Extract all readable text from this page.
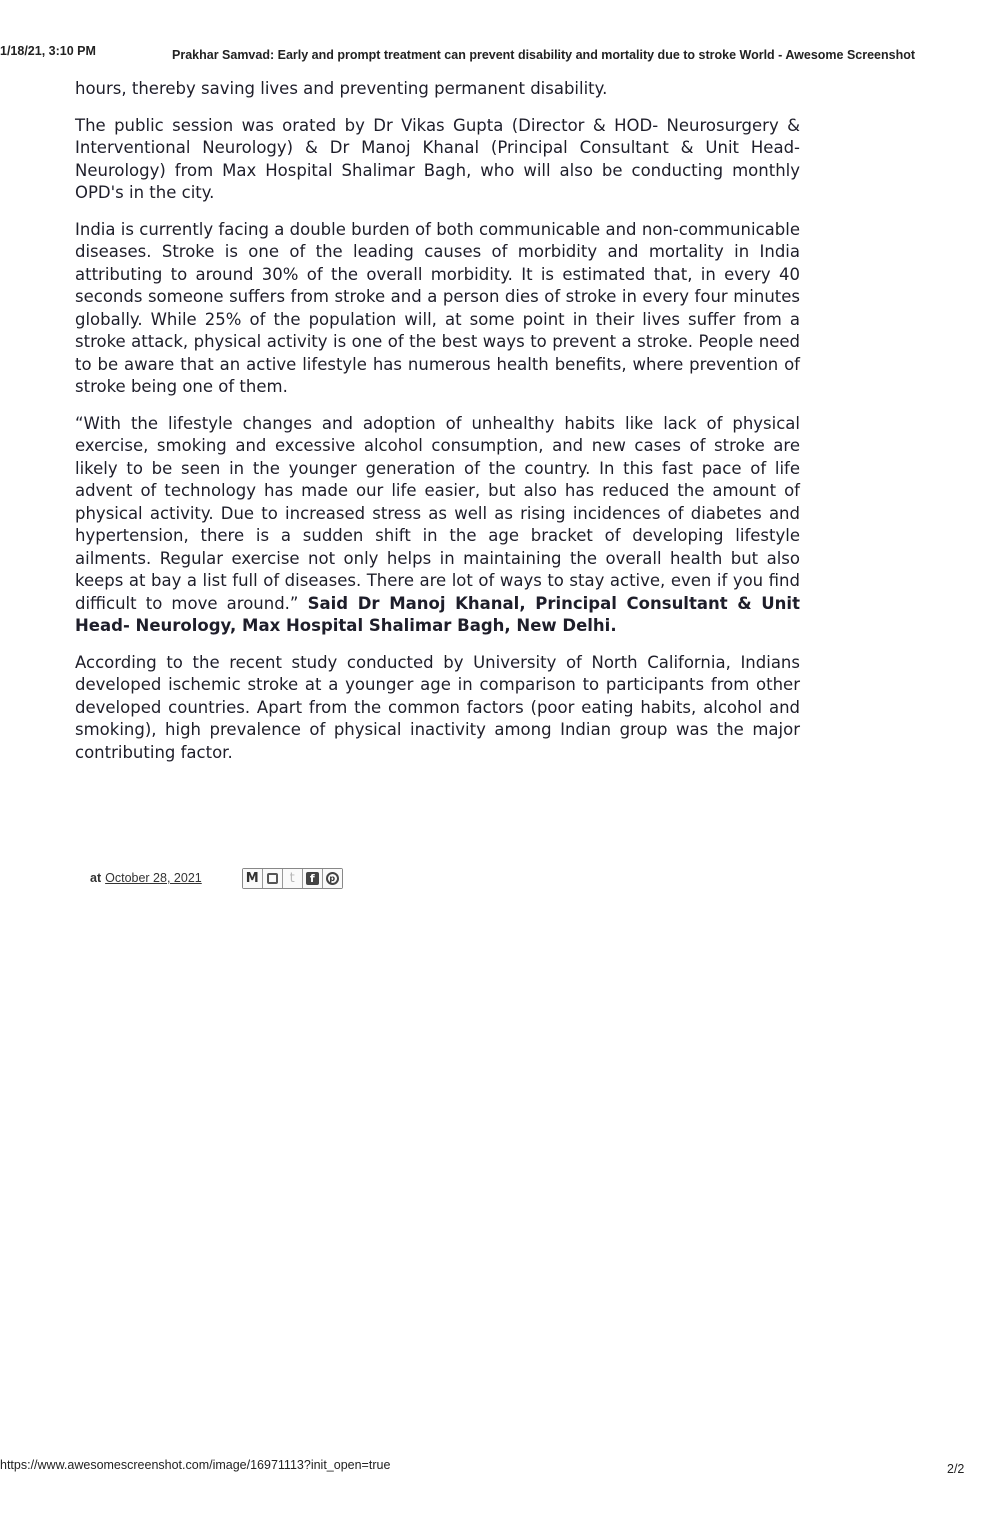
1/18/21, 3:10 PM	Prakhar Samvad: Early and prompt treatment can prevent disability and mortality due to stroke World - Awesome Screenshot

hours, thereby saving lives and preventing permanent disability.

The public session was orated by Dr Vikas Gupta (Director & HOD- Neurosurgery & Interventional Neurology) & Dr Manoj Khanal (Principal Consultant & Unit Head- Neurology) from Max Hospital Shalimar Bagh, who will also be conducting monthly OPD's in the city.

India is currently facing a double burden of both communicable and non-communicable diseases. Stroke is one of the leading causes of morbidity and mortality in India attributing to around 30% of the overall morbidity. It is estimated that, in every 40 seconds someone suffers from stroke and a person dies of stroke in every four minutes globally. While 25% of the population will, at some point in their lives suffer from a stroke attack, physical activity is one of the best ways to prevent a stroke. People need to be aware that an active lifestyle has numerous health benefits, where prevention of stroke being one of them.

“With the lifestyle changes and adoption of unhealthy habits like lack of physical exercise, smoking and excessive alcohol consumption, and new cases of stroke are likely to be seen in the younger generation of the country. In this fast pace of life advent of technology has made our life easier, but also has reduced the amount of physical activity. Due to increased stress as well as rising incidences of diabetes and hypertension, there is a sudden shift in the age bracket of developing lifestyle ailments. Regular exercise not only helps in maintaining the overall health but also keeps at bay a list full of diseases. There are lot of ways to stay active, even if you find difficult to move around.” Said Dr Manoj Khanal, Principal Consultant & Unit Head- Neurology, Max Hospital Shalimar Bagh, New Delhi.

According to the recent study conducted by University of North California, Indians developed ischemic stroke at a younger age in comparison to participants from other developed countries. Apart from the common factors (poor eating habits, alcohol and smoking), high prevalence of physical inactivity among Indian group was the major contributing factor.

at October 28, 2021	M t	f	p
https://www.awesomescreenshot.com/image/16971113?init_open=true	2/2
